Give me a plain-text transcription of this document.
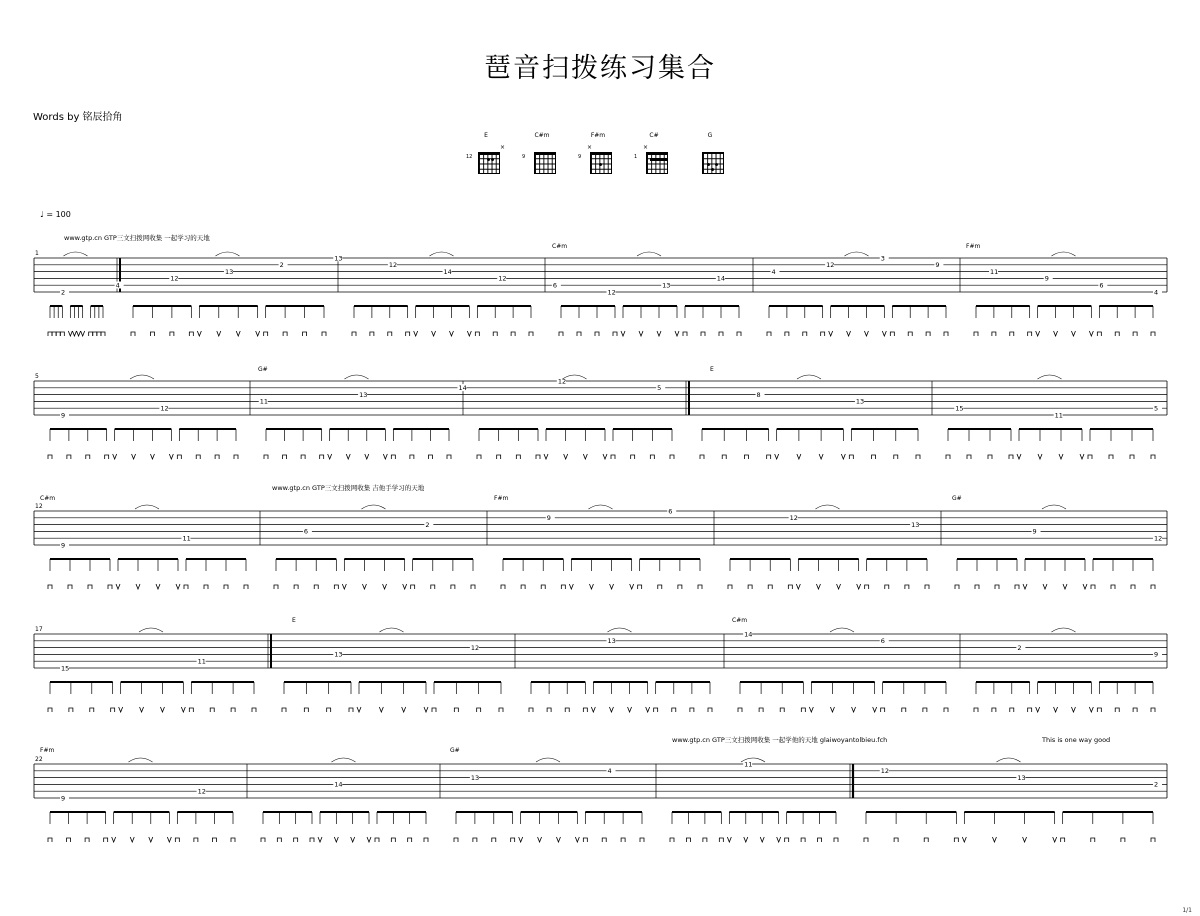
琶音扫拨练习集合
Words by 铭辰拾角
E
12
×
C#m
9
F#m
9
×
C#
1
×
G
♩ = 100
www.gtp.cn GTP三文扫拨网收集 一起学习的天地
www.gtp.cn GTP三文扫拨网收集 吉他手学习的天地
www.gtp.cn GTP三文扫拨网收集 一起学他的天地 glaiwoyantolbieu.fch	This is one way good
C#m	F#m
G#	E
C#m	F#m	G#
E	C#m
F#m	G#
1
2
4
12
13
2
13
12
14
12
6
12
13
14
4
12
3
9
11
9
6
4
5
9
12
11
13
14
12
5
8
13
15
11
5
12
9
11
6
2
9
6
12
13
9
12
17
15
11
13
12
13
14
6
2
9
22
9
12
14
13
4
11
12
13
2
1/1
